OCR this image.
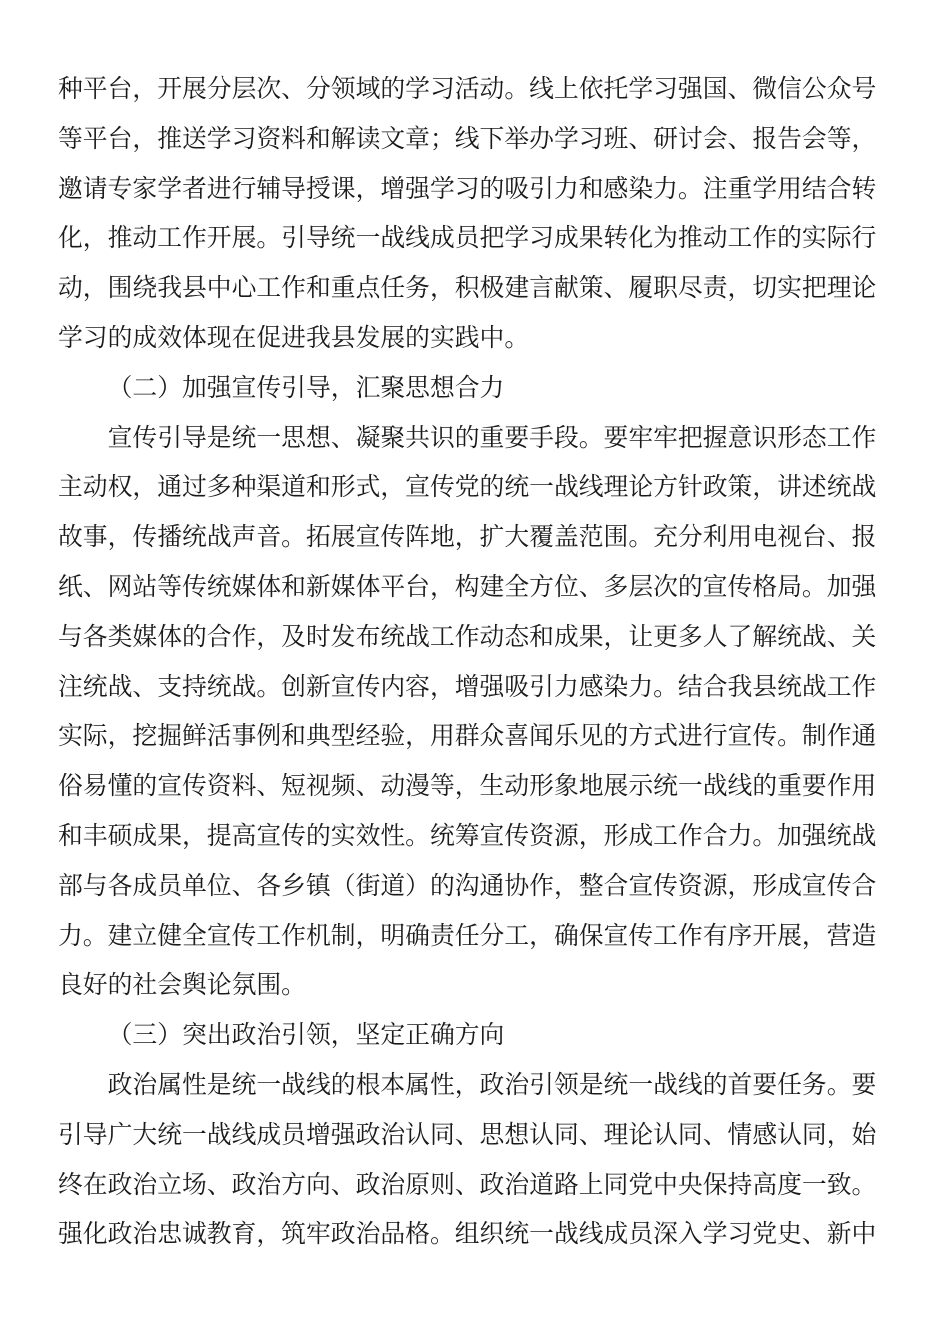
种平台，开展分层次、分领域的学习活动。线上依托学习强国、微信公众号
等平台，推送学习资料和解读文章；线下举办学习班、研讨会、报告会等，
邀请专家学者进行辅导授课，增强学习的吸引力和感染力。注重学用结合转
化，推动工作开展。引导统一战线成员把学习成果转化为推动工作的实际行
动，围绕我县中心工作和重点任务，积极建言献策、履职尽责，切实把理论
学习的成效体现在促进我县发展的实践中。

（二）加强宣传引导，汇聚思想合力

宣传引导是统一思想、凝聚共识的重要手段。要牢牢把握意识形态工作
主动权，通过多种渠道和形式，宣传党的统一战线理论方针政策，讲述统战
故事，传播统战声音。拓展宣传阵地，扩大覆盖范围。充分利用电视台、报
纸、网站等传统媒体和新媒体平台，构建全方位、多层次的宣传格局。加强
与各类媒体的合作，及时发布统战工作动态和成果，让更多人了解统战、关
注统战、支持统战。创新宣传内容，增强吸引力感染力。结合我县统战工作
实际，挖掘鲜活事例和典型经验，用群众喜闻乐见的方式进行宣传。制作通
俗易懂的宣传资料、短视频、动漫等，生动形象地展示统一战线的重要作用
和丰硕成果，提高宣传的实效性。统筹宣传资源，形成工作合力。加强统战
部与各成员单位、各乡镇（街道）的沟通协作，整合宣传资源，形成宣传合
力。建立健全宣传工作机制，明确责任分工，确保宣传工作有序开展，营造
良好的社会舆论氛围。

（三）突出政治引领，坚定正确方向

政治属性是统一战线的根本属性，政治引领是统一战线的首要任务。要
引导广大统一战线成员增强政治认同、思想认同、理论认同、情感认同，始
终在政治立场、政治方向、政治原则、政治道路上同党中央保持高度一致。
强化政治忠诚教育，筑牢政治品格。组织统一战线成员深入学习党史、新中
